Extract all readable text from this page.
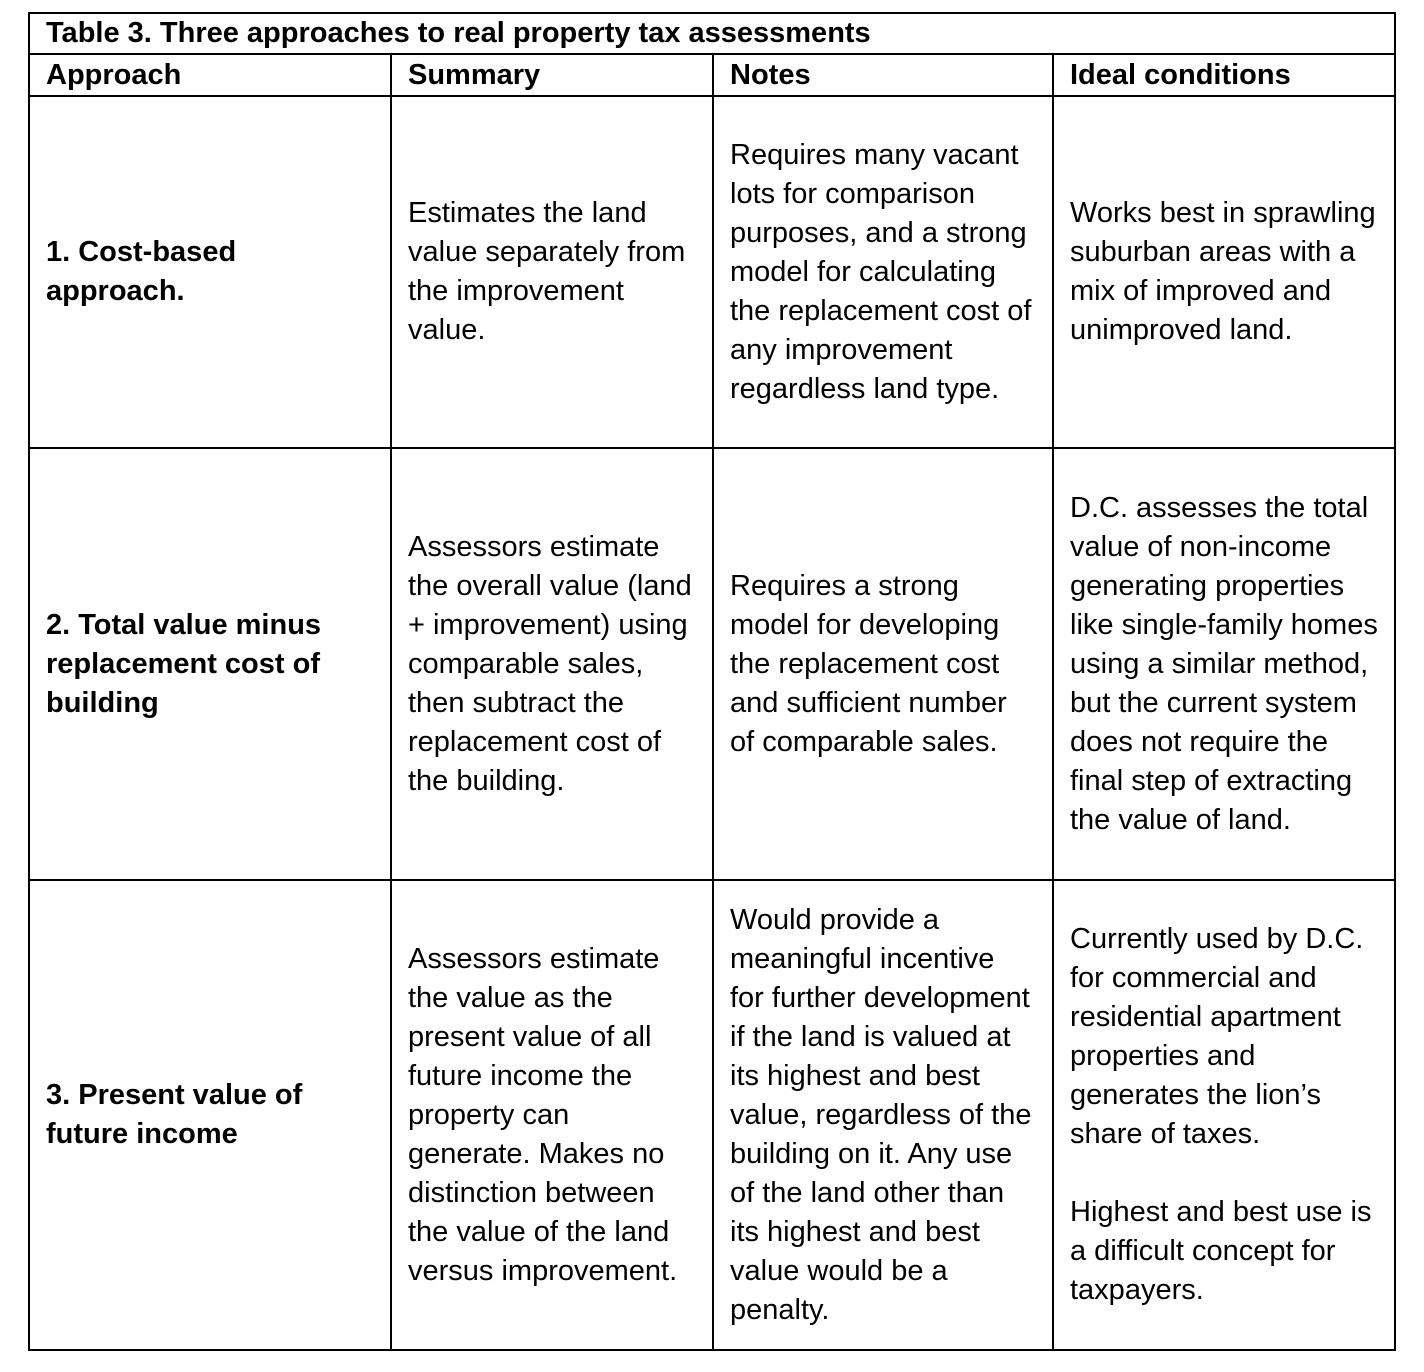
Table 3. Three approaches to real property tax assessments			
Approach	Summary	Notes	Ideal conditions
1. Cost-based approach.	Estimates the land value separately from the improvement value.	Requires many vacant lots for comparison purposes, and a strong model for calculating the replacement cost of any improvement regardless land type.	Works best in sprawling suburban areas with a mix of improved and unimproved land.

2. Total value minus replacement cost of building	Assessors estimate the overall value (land + improvement) using comparable sales, then subtract the replacement cost of the building.	Requires a strong model for developing the replacement cost and sufficient number of comparable sales.	D.C. assesses the total value of non-income generating properties like single-family homes using a similar method, but the current system does not require the final step of extracting the value of land.

3. Present value of future income	Assessors estimate the value as the present value of all future income the property can generate. Makes no distinction between the value of the land versus improvement.	Would provide a meaningful incentive for further development if the land is valued at its highest and best value, regardless of the building on it. Any use of the land other than its highest and best value would be a penalty.	Currently used by D.C. for commercial and residential apartment properties and generates the lion’s share of taxes.
Highest and best use is a difficult concept for taxpayers.
